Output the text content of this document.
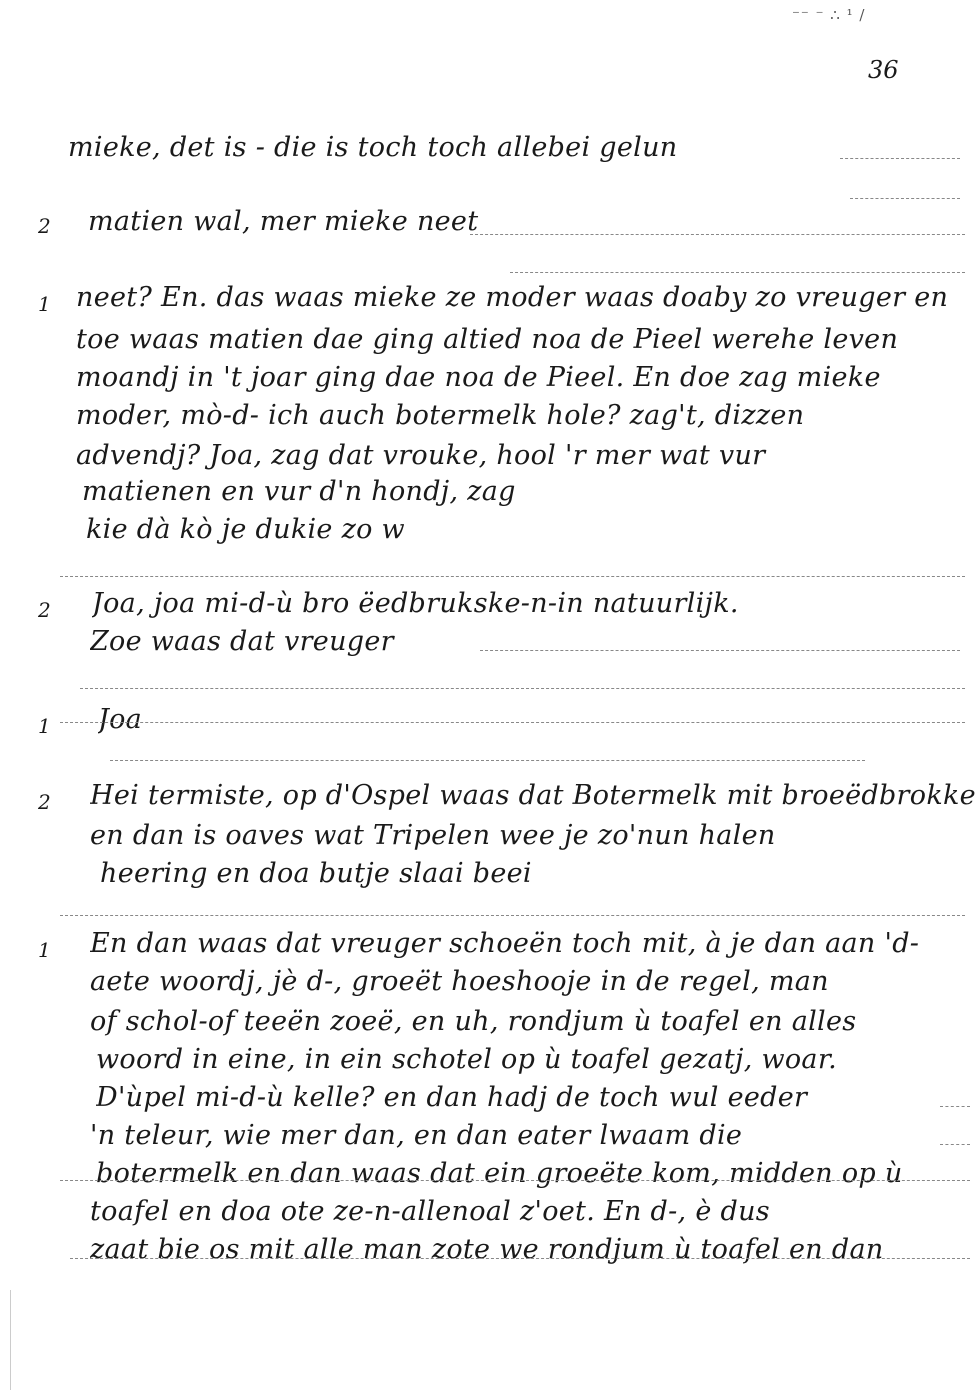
⁻⁻ ⁻ ∴ ¹ /
36
mieke, det is - die is toch toch allebei gelun
2 matien wal, mer mieke neet
1 neet? En. das waas mieke ze moder waas doaby zo vreuger en
toe waas matien dae ging altied noa de Pieel werehe leven
moandj in 't joar ging dae noa de Pieel. En doe zag mieke
moder, mò-d- ich auch botermelk hole? zag't, dizzen
advendj? Joa, zag dat vrouke, hool 'r mer wat vur
matienen en vur d'n hondj, zag
kie dà kò je dukie zo w
2 Joa, joa mi-d-ù bro ëedbrukske-n-in natuurlijk.
Zoe waas dat vreuger
1 Joa
2 Hei termiste, op d'Ospel waas dat Botermelk mit broeëdbrokke
en dan is oaves wat Tripelen wee je zo'nun halen
heering en doa butje slaai beei
1 En dan waas dat vreuger schoeën toch mit, à je dan aan 'd-
aete woordj, jè d-, groeët hoeshooje in de regel, man
of schol-of teeën zoeë, en uh, rondjum ù toafel en alles
woord in eine, in ein schotel op ù toafel gezatj, woar.
D'ùpel mi-d-ù kelle? en dan hadj de toch wul eeder
'n teleur, wie mer dan, en dan eater lwaam die
botermelk en dan waas dat ein groeëte kom, midden op ù
toafel en doa ote ze-n-allenoal z'oet. En d-, è dus
zaat bie os mit alle man zote we rondjum ù toafel en dan
